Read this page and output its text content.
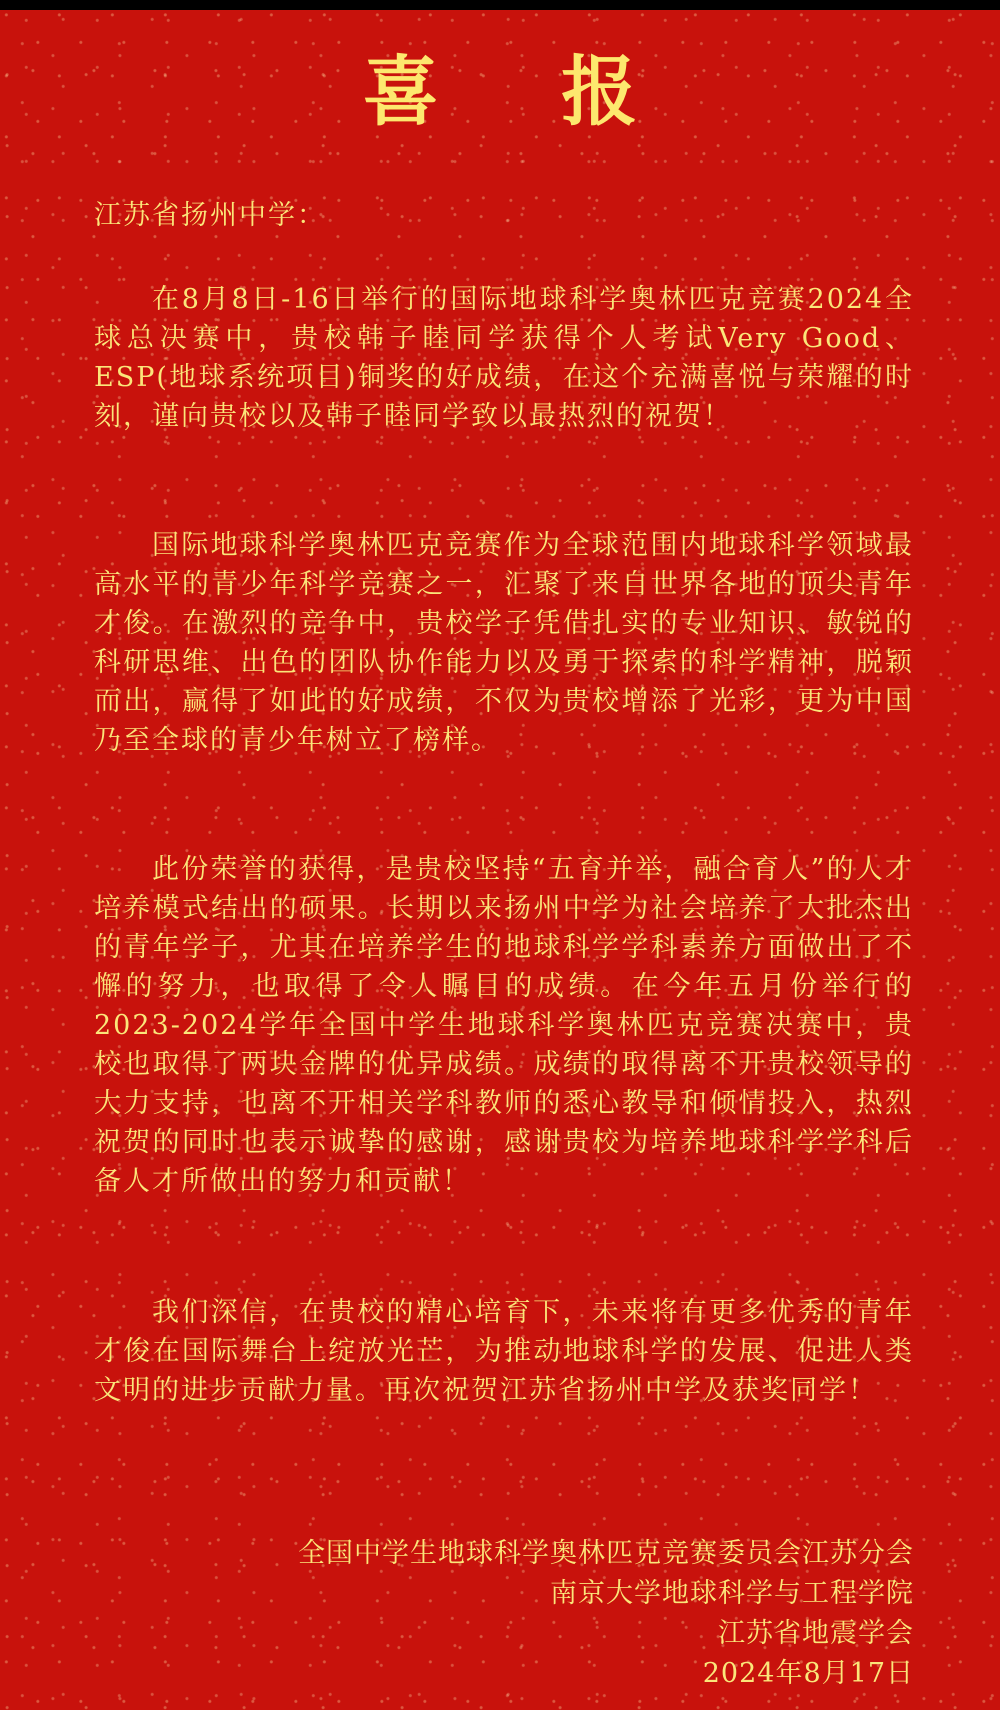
喜 报
江苏省扬州中学：

在8月8日-16日举行的国际地球科学奥林匹克竞赛2024全球总决赛中，贵校韩子睦同学获得个人考试Very Good、ESP(地球系统项目)铜奖的好成绩，在这个充满喜悦与荣耀的时刻，谨向贵校以及韩子睦同学致以最热烈的祝贺！

国际地球科学奥林匹克竞赛作为全球范围内地球科学领域最高水平的青少年科学竞赛之一，汇聚了来自世界各地的顶尖青年才俊。在激烈的竞争中，贵校学子凭借扎实的专业知识、敏锐的科研思维、出色的团队协作能力以及勇于探索的科学精神，脱颖而出，赢得了如此的好成绩，不仅为贵校增添了光彩，更为中国乃至全球的青少年树立了榜样。

此份荣誉的获得，是贵校坚持“五育并举，融合育人”的人才培养模式结出的硕果。长期以来扬州中学为社会培养了大批杰出的青年学子，尤其在培养学生的地球科学学科素养方面做出了不懈的努力，也取得了令人瞩目的成绩。在今年五月份举行的2023-2024学年全国中学生地球科学奥林匹克竞赛决赛中，贵校也取得了两块金牌的优异成绩。成绩的取得离不开贵校领导的大力支持，也离不开相关学科教师的悉心教导和倾情投入，热烈祝贺的同时也表示诚挚的感谢，感谢贵校为培养地球科学学科后备人才所做出的努力和贡献！

我们深信，在贵校的精心培育下，未来将有更多优秀的青年才俊在国际舞台上绽放光芒，为推动地球科学的发展、促进人类文明的进步贡献力量。再次祝贺江苏省扬州中学及获奖同学！

全国中学生地球科学奥林匹克竞赛委员会江苏分会
南京大学地球科学与工程学院
江苏省地震学会
2024年8月17日
